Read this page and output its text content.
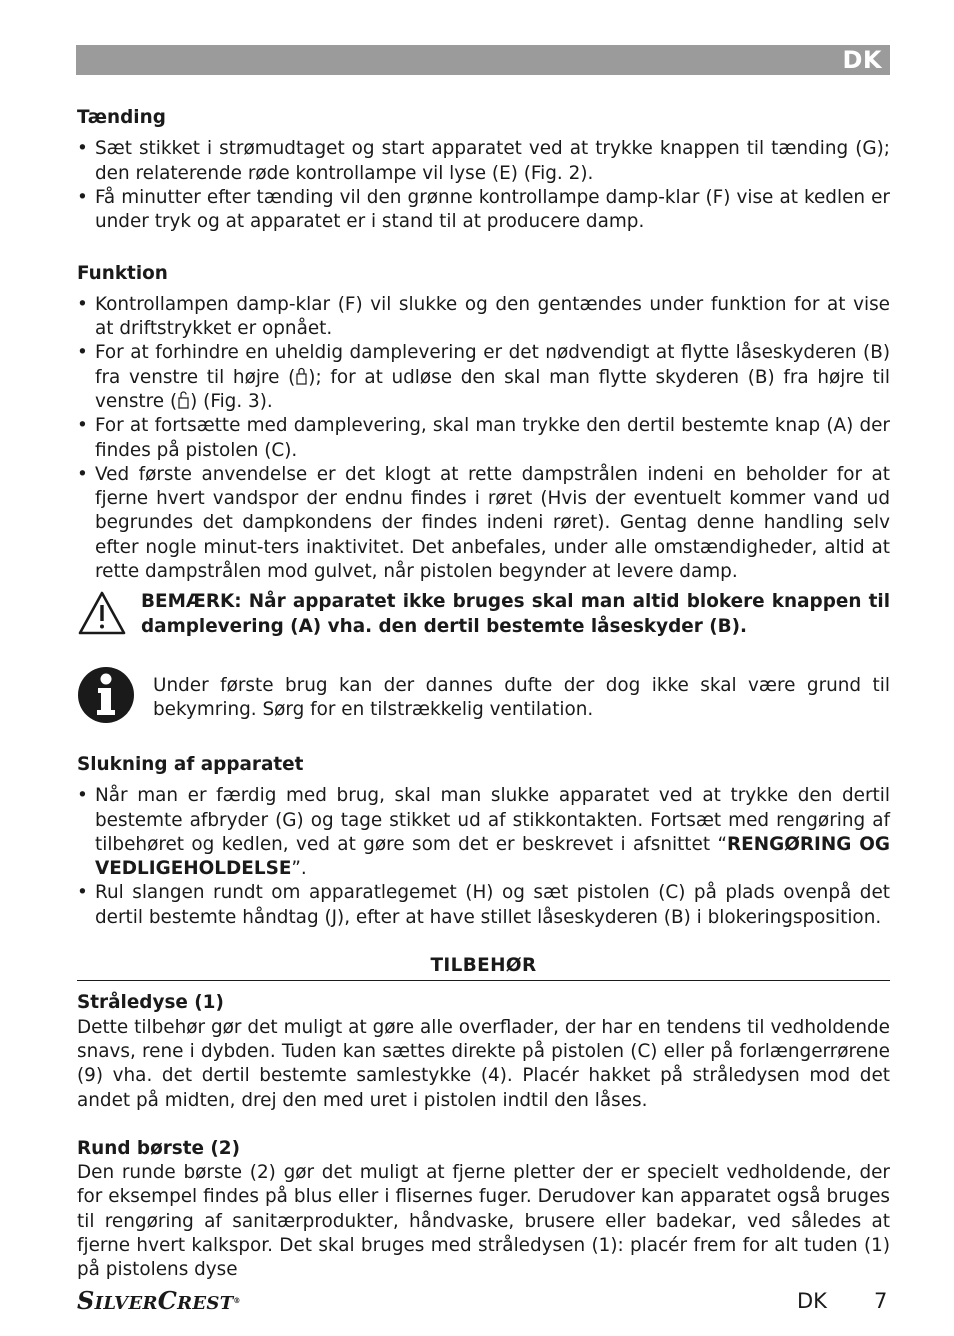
DK
Tænding
• Sæt stikket i strømudtaget og start apparatet ved at trykke knappen til tænding (G); den relaterende røde kontrollampe vil lyse (E) (Fig. 2).
• Få minutter efter tænding vil den grønne kontrollampe damp-klar (F) vise at kedlen er under tryk og at apparatet er i stand til at producere damp.
Funktion
• Kontrollampen damp-klar (F) vil slukke og den gentændes under funktion for at vise at driftstrykket er opnået.
• For at forhindre en uheldig damplevering er det nødvendigt at flytte låseskyderen (B) fra venstre til højre ( ); for at udløse den skal man flytte skyderen (B) fra højre til venstre ( ) (Fig. 3).
• For at fortsætte med damplevering, skal man trykke den dertil bestemte knap (A) der findes på pistolen (C).
• Ved første anvendelse er det klogt at rette dampstrålen indeni en beholder for at fjerne hvert vandspor der endnu findes i røret (Hvis der eventuelt kommer vand ud begrundes det dampkondens der findes indeni røret). Gentag denne handling selv efter nogle minut-ters inaktivitet. Det anbefales, under alle omstændigheder, altid at rette dampstrålen mod gulvet, når pistolen begynder at levere damp.
BEMÆRK: Når apparatet ikke bruges skal man altid blokere knappen til damplevering (A) vha. den dertil bestemte låseskyder (B).
Under første brug kan der dannes dufte der dog ikke skal være grund til bekymring. Sørg for en tilstrækkelig ventilation.
Slukning af apparatet
• Når man er færdig med brug, skal man slukke apparatet ved at trykke den dertil bestemte afbryder (G) og tage stikket ud af stikkontakten. Fortsæt med rengøring af tilbehøret og kedlen, ved at gøre som det er beskrevet i afsnittet “RENGØRING OG VEDLIGEHOLDELSE”.
• Rul slangen rundt om apparatlegemet (H) og sæt pistolen (C) på plads ovenpå det dertil bestemte håndtag (J), efter at have stillet låseskyderen (B) i blokeringsposition.
TILBEHØR
Stråledyse (1)

Dette tilbehør gør det muligt at gøre alle overflader, der har en tendens til vedholdende snavs, rene i dybden. Tuden kan sættes direkte på pistolen (C) eller på forlængerrørene (9) vha. det dertil bestemte samlestykke (4). Placér hakket på stråledysen mod det andet på midten, drej den med uret i pistolen indtil den låses.

Rund børste (2)

Den runde børste (2) gør det muligt at fjerne pletter der er specielt vedholdende, der for eksempel findes på blus eller i flisernes fuger. Derudover kan apparatet også bruges til rengøring af sanitærprodukter, håndvaske, brusere eller badekar, ved således at fjerne hvert kalkspor. Det skal bruges med stråledysen (1): placér frem for alt tuden (1) på pistolens dyse

SILVERCREST®	DK 7
